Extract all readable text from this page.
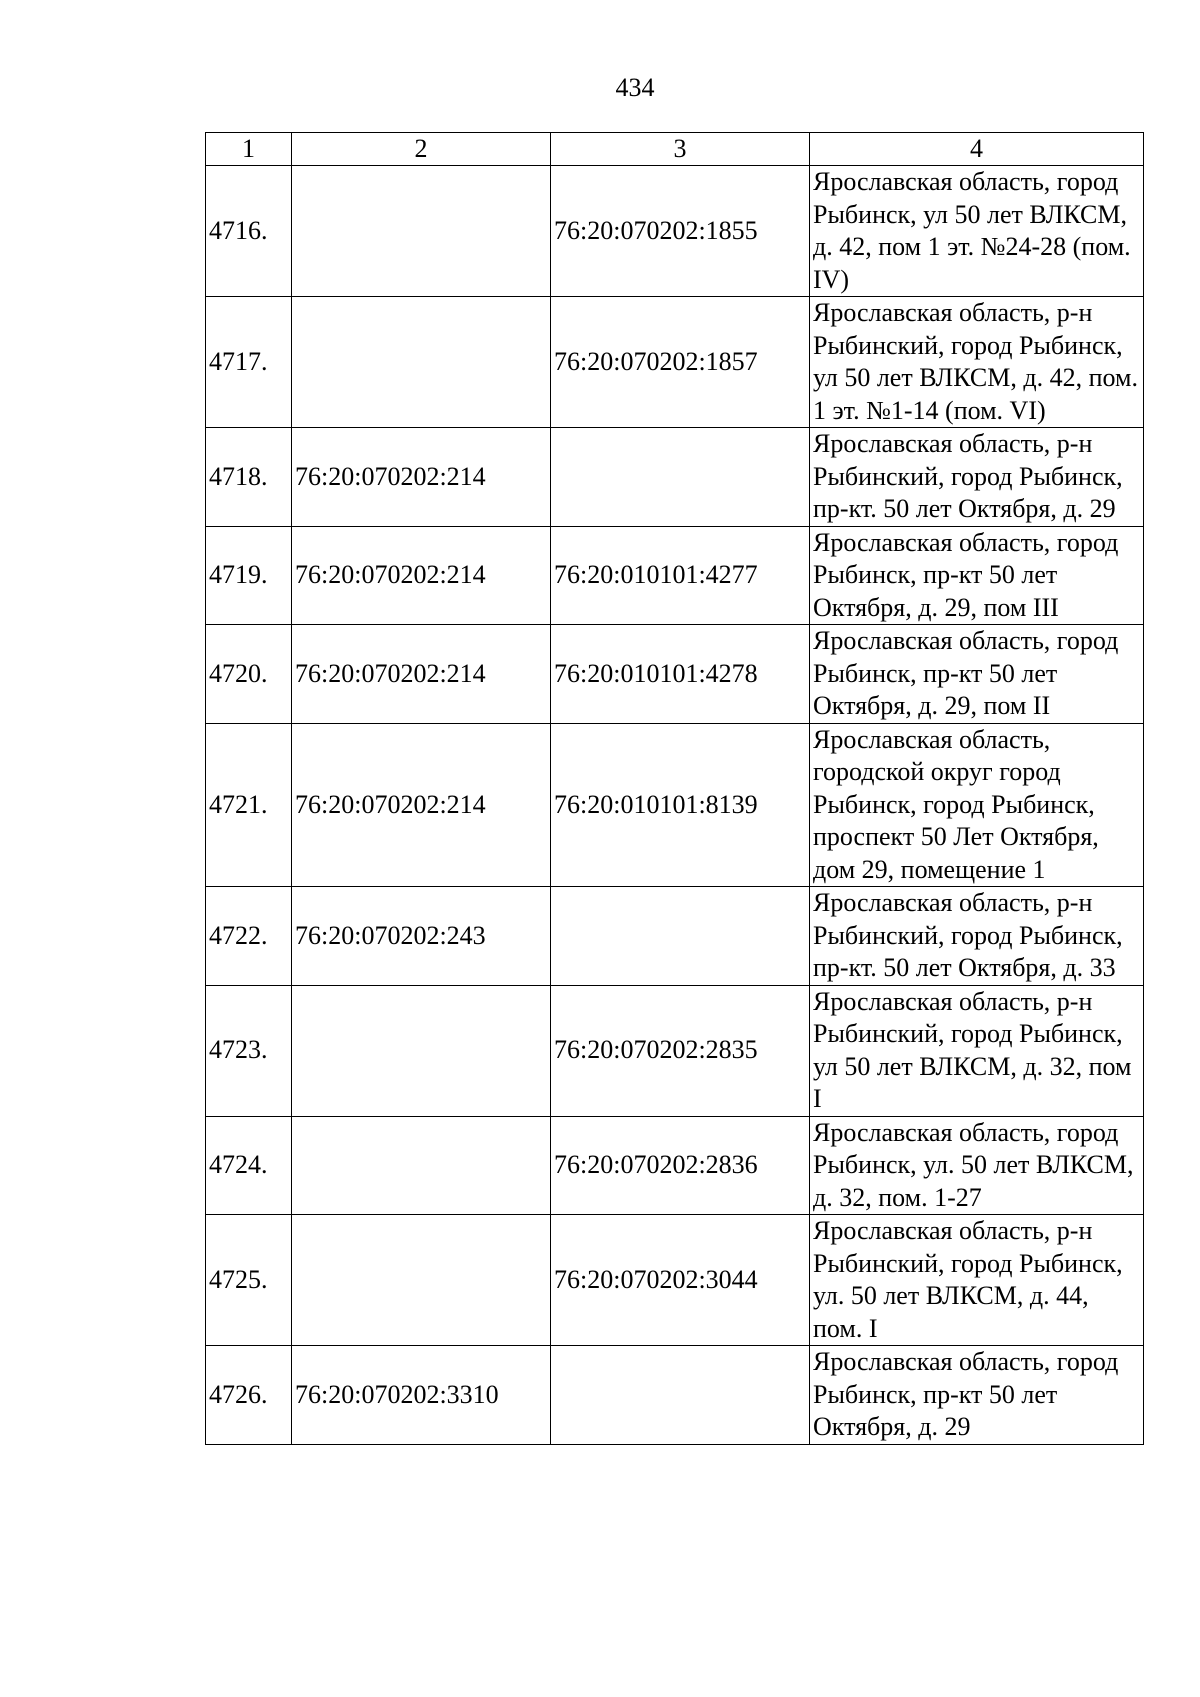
434
1	2	3	4
4716.		76:20:070202:1855	Ярославская область, город Рыбинск, ул 50 лет ВЛКСМ, д. 42, пом 1 эт. №24-28 (пом. IV)
4717.		76:20:070202:1857	Ярославская область, р-н Рыбинский, город Рыбинск, ул 50 лет ВЛКСМ, д. 42, пом. 1 эт. №1-14 (пом. VI)
4718.	76:20:070202:214		Ярославская область, р-н Рыбинский, город Рыбинск, пр-кт. 50 лет Октября, д. 29
4719.	76:20:070202:214	76:20:010101:4277	Ярославская область, город Рыбинск, пр-кт 50 лет Октября, д. 29, пом III
4720.	76:20:070202:214	76:20:010101:4278	Ярославская область, город Рыбинск, пр-кт 50 лет Октября, д. 29, пом II
4721.	76:20:070202:214	76:20:010101:8139	Ярославская область, городской округ город Рыбинск, город Рыбинск, проспект 50 Лет Октября, дом 29, помещение 1
4722.	76:20:070202:243		Ярославская область, р-н Рыбинский, город Рыбинск, пр-кт. 50 лет Октября, д. 33
4723.		76:20:070202:2835	Ярославская область, р-н Рыбинский, город Рыбинск, ул 50 лет ВЛКСМ, д. 32, пом I
4724.		76:20:070202:2836	Ярославская область, город Рыбинск, ул. 50 лет ВЛКСМ, д. 32, пом. 1-27
4725.		76:20:070202:3044	Ярославская область, р-н Рыбинский, город Рыбинск, ул. 50 лет ВЛКСМ, д. 44, пом. I
4726.	76:20:070202:3310		Ярославская область, город Рыбинск, пр-кт 50 лет Октября, д. 29
